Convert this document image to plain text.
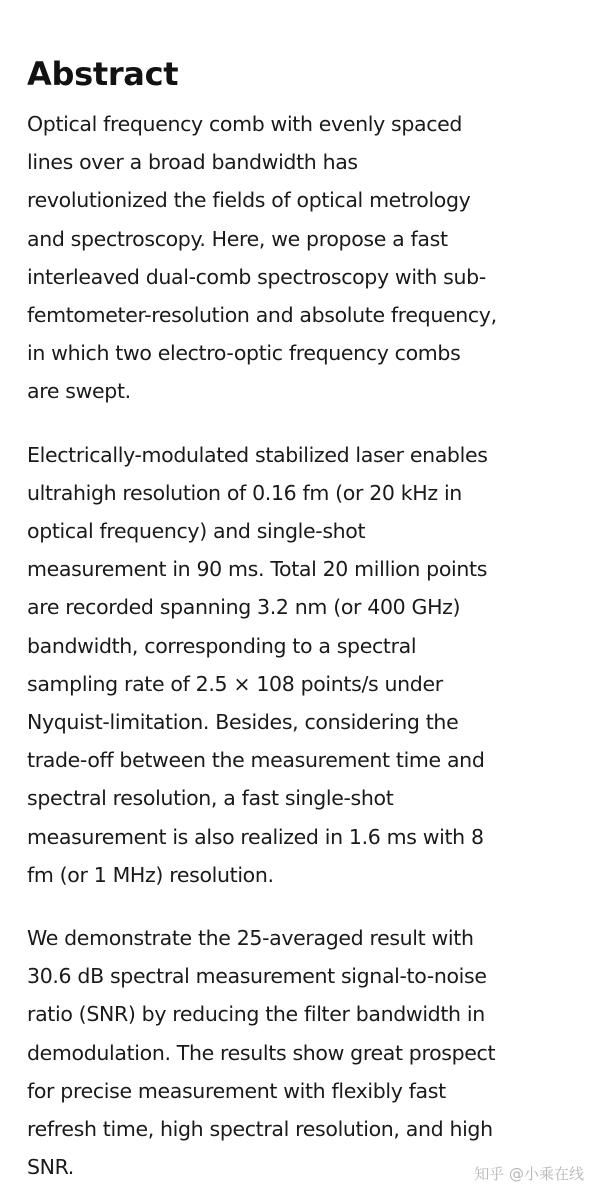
Abstract

Optical frequency comb with evenly spaced
lines over a broad bandwidth has
revolutionized the fields of optical metrology
and spectroscopy. Here, we propose a fast
interleaved dual-comb spectroscopy with sub-
femtometer-resolution and absolute frequency,
in which two electro-optic frequency combs
are swept.

Electrically-modulated stabilized laser enables
ultrahigh resolution of 0.16 fm (or 20 kHz in
optical frequency) and single-shot
measurement in 90 ms. Total 20 million points
are recorded spanning 3.2 nm (or 400 GHz)
bandwidth, corresponding to a spectral
sampling rate of 2.5 × 108 points/s under
Nyquist-limitation. Besides, considering the
trade-off between the measurement time and
spectral resolution, a fast single-shot
measurement is also realized in 1.6 ms with 8
fm (or 1 MHz) resolution.

We demonstrate the 25-averaged result with
30.6 dB spectral measurement signal-to-noise
ratio (SNR) by reducing the filter bandwidth in
demodulation. The results show great prospect
for precise measurement with flexibly fast
refresh time, high spectral resolution, and high
SNR.	知乎 @小乘在线
